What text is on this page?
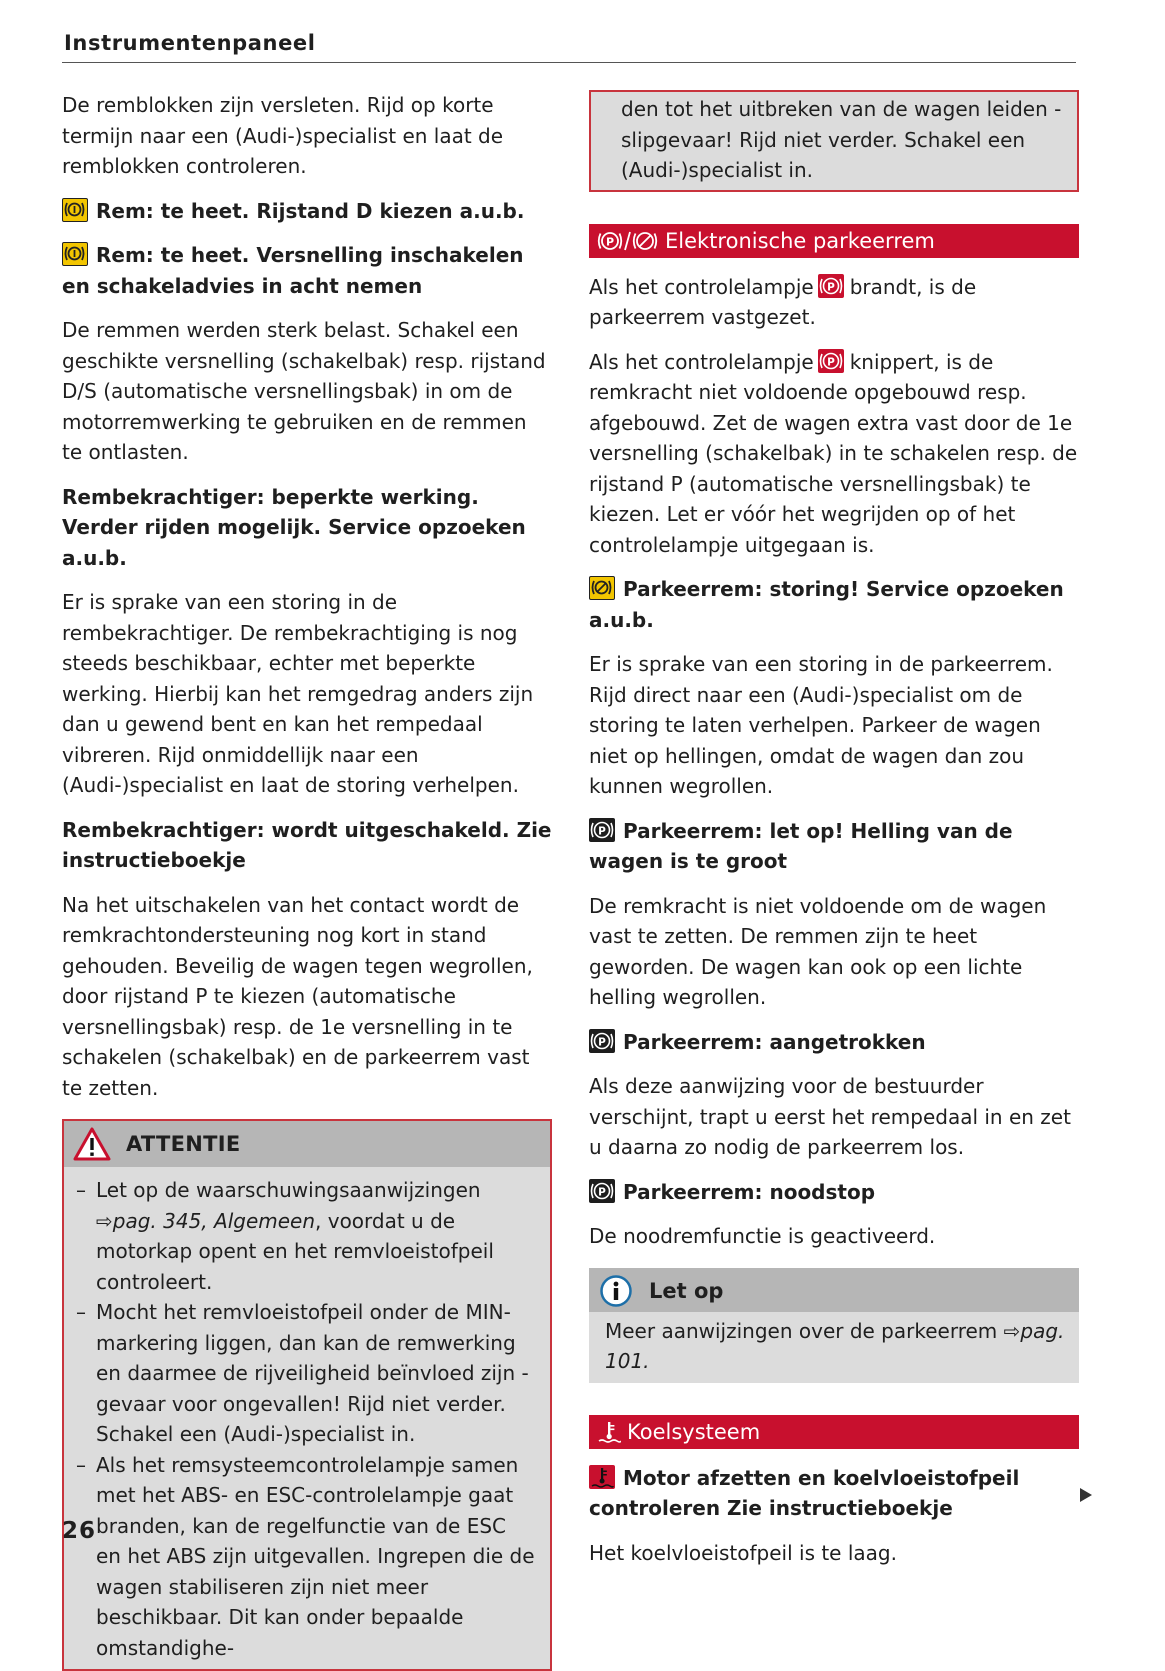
Instrumentenpaneel

De remblokken zijn versleten. Rijd op korte termijn naar een (Audi-)specialist en laat de remblokken controleren.

Rem: te heet. Rijstand D kiezen a.u.b.

Rem: te heet. Versnelling inschakelen en schakeladvies in acht nemen

De remmen werden sterk belast. Schakel een geschikte versnelling (schakelbak) resp. rijstand D/S (automatische versnellingsbak) in om de motorremwerking te gebruiken en de remmen te ontlasten.

Rembekrachtiger: beperkte werking. Verder rijden mogelijk. Service opzoeken a.u.b.

Er is sprake van een storing in de rembekrachtiger. De rembekrachtiging is nog steeds beschikbaar, echter met beperkte werking. Hierbij kan het remgedrag anders zijn dan u gewend bent en kan het rempedaal vibreren. Rijd onmiddellijk naar een (Audi-)specialist en laat de storing verhelpen.

Rembekrachtiger: wordt uitgeschakeld. Zie instructieboekje

Na het uitschakelen van het contact wordt de remkrachtondersteuning nog kort in stand gehouden. Beveilig de wagen tegen wegrollen, door rijstand P te kiezen (automatische versnellingsbak) resp. de 1e versnelling in te schakelen (schakelbak) en de parkeerrem vast te zetten.

ATTENTIE
– Let op de waarschuwingsaanwijzingen ⇨pag. 345, Algemeen, voordat u de motorkap opent en het remvloeistofpeil controleert.
– Mocht het remvloeistofpeil onder de MIN-markering liggen, dan kan de remwerking en daarmee de rijveiligheid beïnvloed zijn - gevaar voor ongevallen! Rijd niet verder. Schakel een (Audi-)specialist in.
– Als het remsysteemcontrolelampje samen met het ABS- en ESC-controlelampje gaat branden, kan de regelfunctie van de ESC en het ABS zijn uitgevallen. Ingrepen die de wagen stabiliseren zijn niet meer beschikbaar. Dit kan onder bepaalde omstandighe-

den tot het uitbreken van de wagen leiden - slipgevaar! Rijd niet verder. Schakel een (Audi-)specialist in.

P Elektronische parkeerrem

Als het controlelampje P brandt, is de parkeerrem vastgezet.

Als het controlelampje P knippert, is de remkracht niet voldoende opgebouwd resp. afgebouwd. Zet de wagen extra vast door de 1e versnelling (schakelbak) in te schakelen resp. de rijstand P (automatische versnellingsbak) te kiezen. Let er vóór het wegrijden op of het controlelampje uitgegaan is.

Parkeerrem: storing! Service opzoeken a.u.b.

Er is sprake van een storing in de parkeerrem. Rijd direct naar een (Audi-)specialist om de storing te laten verhelpen. Parkeer de wagen niet op hellingen, omdat de wagen dan zou kunnen wegrollen.

P Parkeerrem: let op! Helling van de wagen is te groot

De remkracht is niet voldoende om de wagen vast te zetten. De remmen zijn te heet geworden. De wagen kan ook op een lichte helling wegrollen.

P Parkeerrem: aangetrokken

Als deze aanwijzing voor de bestuurder verschijnt, trapt u eerst het rempedaal in en zet u daarna zo nodig de parkeerrem los.

P Parkeerrem: noodstop

De noodremfunctie is geactiveerd.

Let op
Meer aanwijzingen over de parkeerrem ⇨pag. 101.
Koelsysteem

Motor afzetten en koelvloeistofpeil controleren Zie instructieboekje

Het koelvloeistofpeil is te laag.

26
